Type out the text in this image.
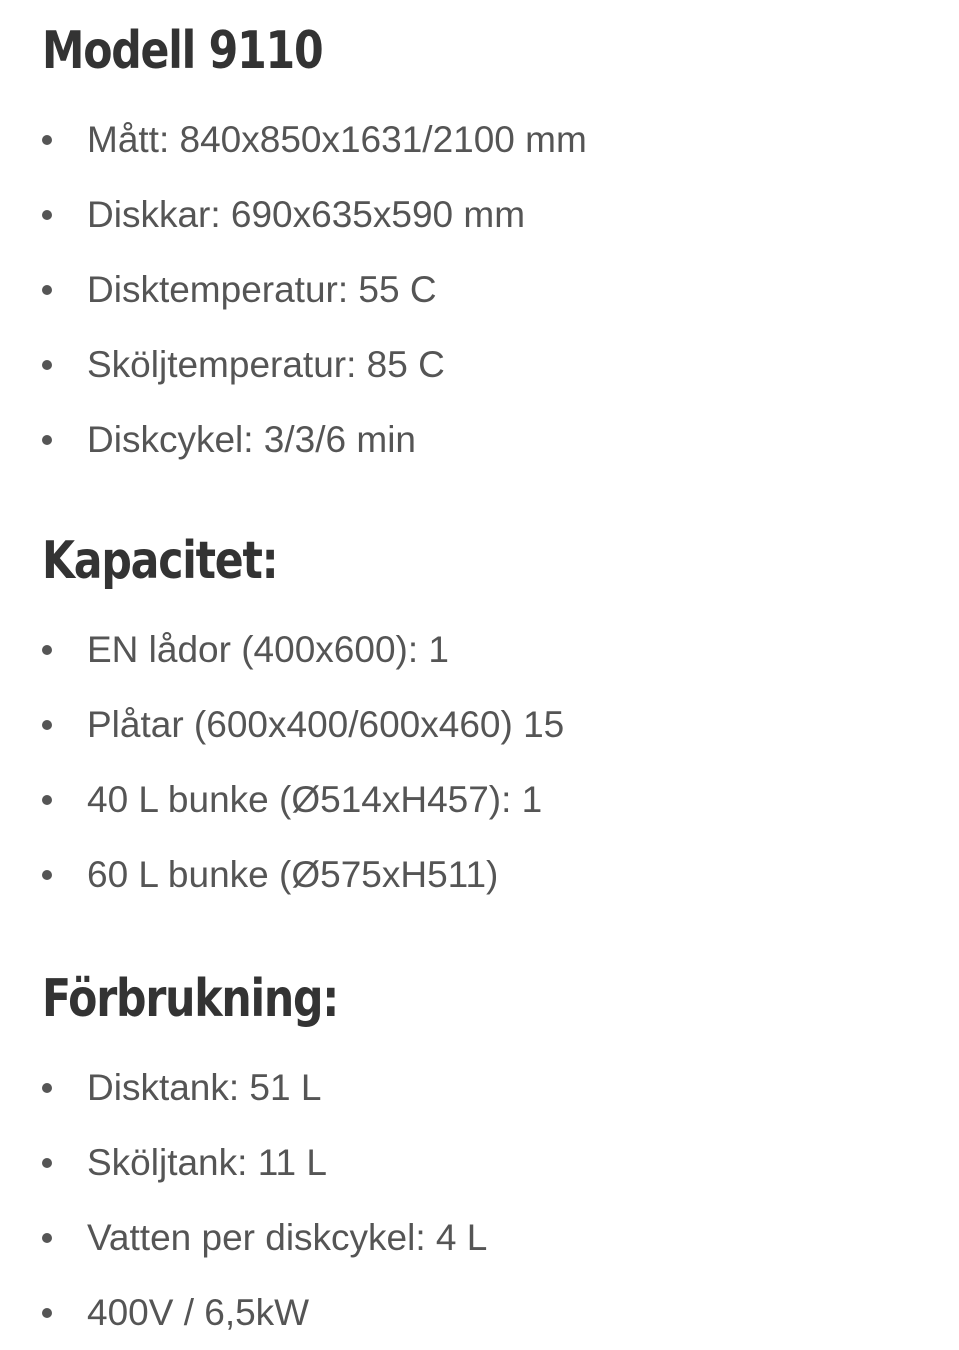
Modell 9110
Mått: 840x850x1631/2100 mm
Diskkar: 690x635x590 mm
Disktemperatur: 55 C
Sköljtemperatur: 85 C
Diskcykel: 3/3/6 min
Kapacitet:
EN lådor (400x600): 1
Plåtar (600x400/600x460) 15
40 L bunke (Ø514xH457): 1
60 L bunke (Ø575xH511)
Förbrukning:
Disktank: 51 L
Sköljtank: 11 L
Vatten per diskcykel: 4 L
400V / 6,5kW
